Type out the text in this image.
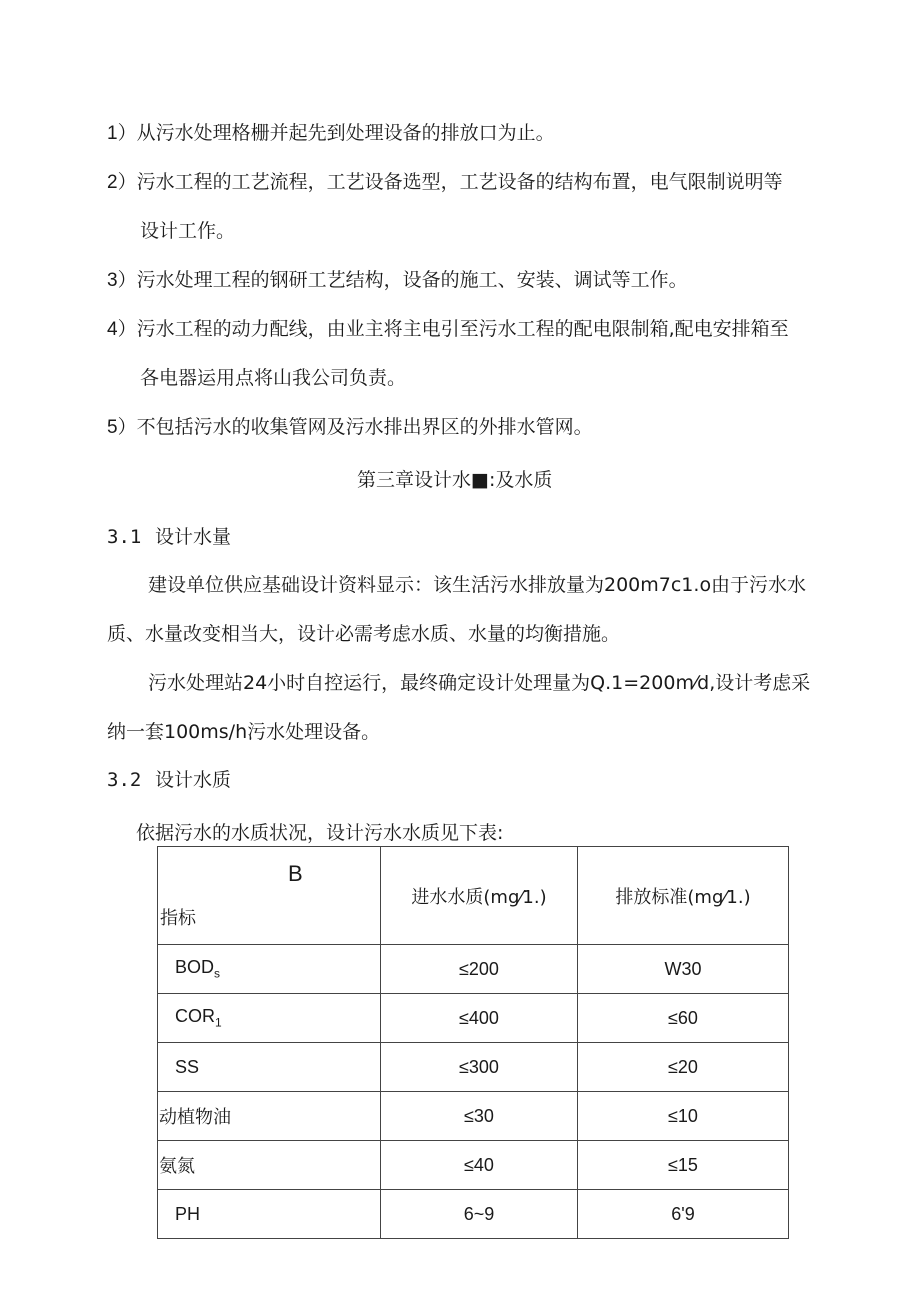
1）从污水处理格栅并起先到处理设备的排放口为止。
2）污水工程的工艺流程，工艺设备选型，工艺设备的结构布置，电气限制说明等
设计工作。
3）污水处理工程的钢研工艺结构，设备的施工、安装、调试等工作。
4）污水工程的动力配线，由业主将主电引至污水工程的配电限制箱,配电安排箱至
各电器运用点将山我公司负责。
5）不包括污水的收集管网及污水排出界区的外排水管网。
第三章设计水■:及水质
3.1 设计水量
建设单位供应基础设计资料显示：该生活污水排放量为200m7c1.o由于污水水
质、水量改变相当大，设计必需考虑水质、水量的均衡措施。
污水处理站24小时自控运行，最终确定设计处理量为Q.1=200m⁄d,设计考虑采
纳一套100ms/h污水处理设备。
3.2 设计水质
依据污水的水质状况，设计污水水质见下表:
B
指标	进水水质(mg⁄1.)	排放标准(mg⁄1.)
$BOD_s$	≤200	W30
$COR_1$	≤400	≤60
SS	≤300	≤20
动植物油	≤30	≤10
氨氮	≤40	≤15
PH	6~9	6'9
